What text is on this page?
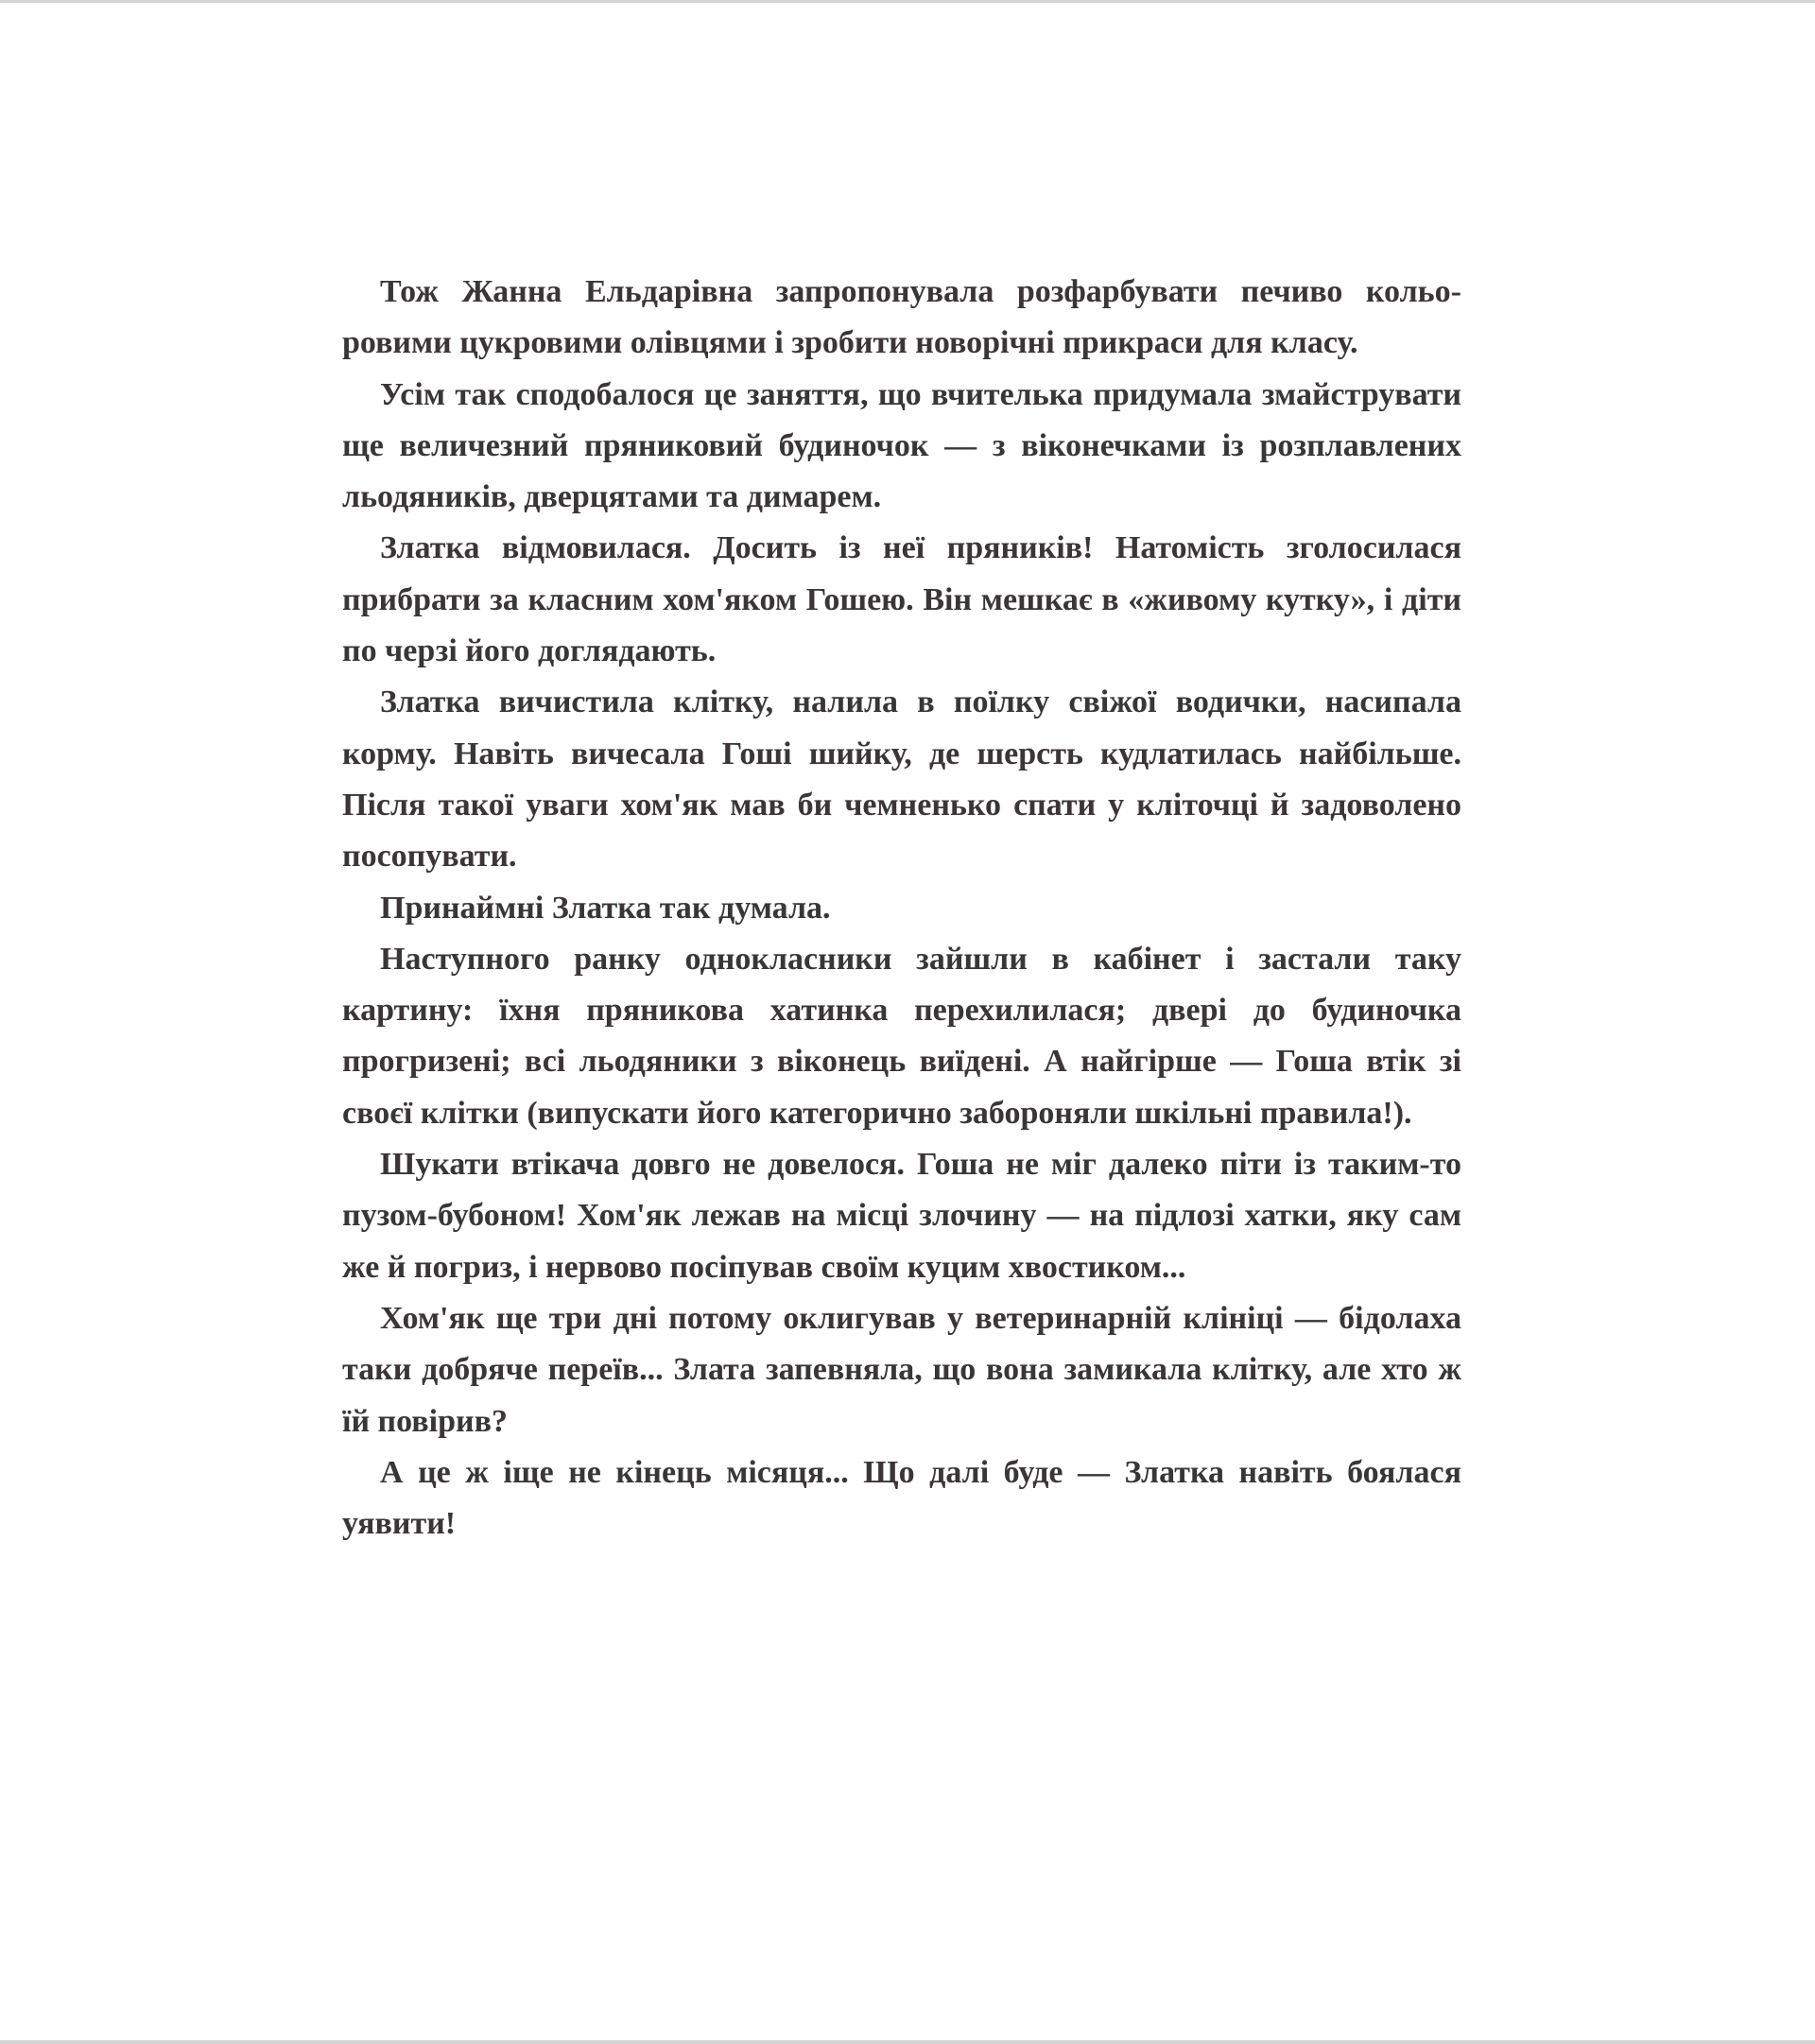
Тож Жанна Ельдарівна запропонувала розфарбувати печиво кольоровими цукровими олівцями і зробити новорічні прикраси для класу.

Усім так сподобалося це заняття, що вчителька придумала змайструвати ще величезний пряниковий будиночок — з віконечками із розплавлених льодяників, дверцятами та димарем.

Златка відмовилася. Досить із неї пряників! Натомість зголосилася прибрати за класним хом'яком Гошею. Він мешкає в «живому кутку», і діти по черзі його доглядають.

Златка вичистила клітку, налила в поїлку свіжої водички, насипала корму. Навіть вичесала Гоші шийку, де шерсть кудлатилась найбільше. Після такої уваги хом'як мав би чемненько спати у кліточці й задоволено посопувати.

Принаймні Златка так думала.

Наступного ранку однокласники зайшли в кабінет і застали таку картину: їхня пряникова хатинка перехилилася; двері до будиночка прогризені; всі льодяники з віконець виїдені. А найгірше — Гоша втік зі своєї клітки (випускати його категорично забороняли шкільні правила!).

Шукати втікача довго не довелося. Гоша не міг далеко піти із таким-то пузом-бубоном! Хом'як лежав на місці злочину — на підлозі хатки, яку сам же й погриз, і нервово посіпував своїм куцим хвостиком...

Хом'як ще три дні потому оклигував у ветеринарній клініці — бідолаха таки добряче переїв... Злата запевняла, що вона замикала клітку, але хто ж їй повірив?

А це ж іще не кінець місяця... Що далі буде — Златка навіть боялася уявити!
